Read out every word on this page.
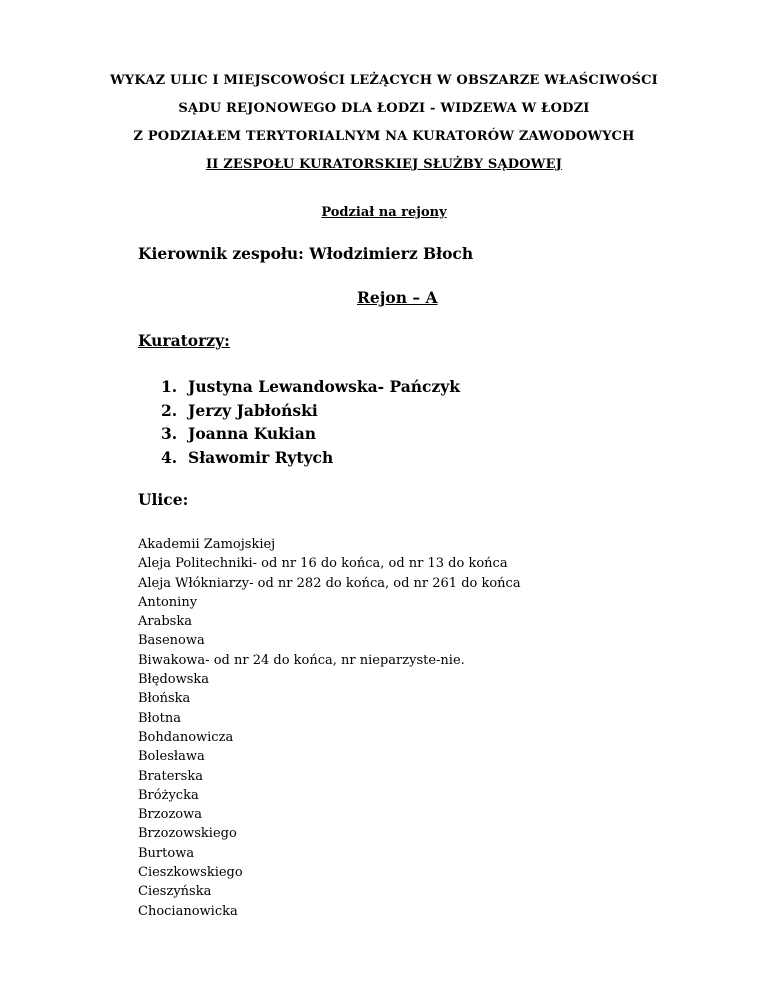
WYKAZ ULIC I MIEJSCOWOŚCI LEŻĄCYCH W OBSZARZE WŁAŚCIWOŚCI
SĄDU REJONOWEGO DLA ŁODZI - WIDZEWA W ŁODZI
Z PODZIAŁEM TERYTORIALNYM NA KURATORÓW ZAWODOWYCH
II ZESPOŁU KURATORSKIEJ SŁUŻBY SĄDOWEJ
Podział na rejony
Kierownik zespołu: Włodzimierz Błoch
Rejon – A
Kuratorzy:
1. Justyna Lewandowska- Pańczyk
2. Jerzy Jabłoński
3. Joanna Kukian
4. Sławomir Rytych
Ulice:
Akademii Zamojskiej
Aleja Politechniki- od nr 16 do końca, od nr 13 do końca
Aleja Włókniarzy- od nr 282 do końca, od nr 261 do końca
Antoniny
Arabska
Basenowa
Biwakowa- od nr 24 do końca, nr nieparzyste-nie.
Błędowska
Błońska
Błotna
Bohdanowicza
Bolesława
Braterska
Bróżycka
Brzozowa
Brzozowskiego
Burtowa
Cieszkowskiego
Cieszyńska
Chocianowicka
